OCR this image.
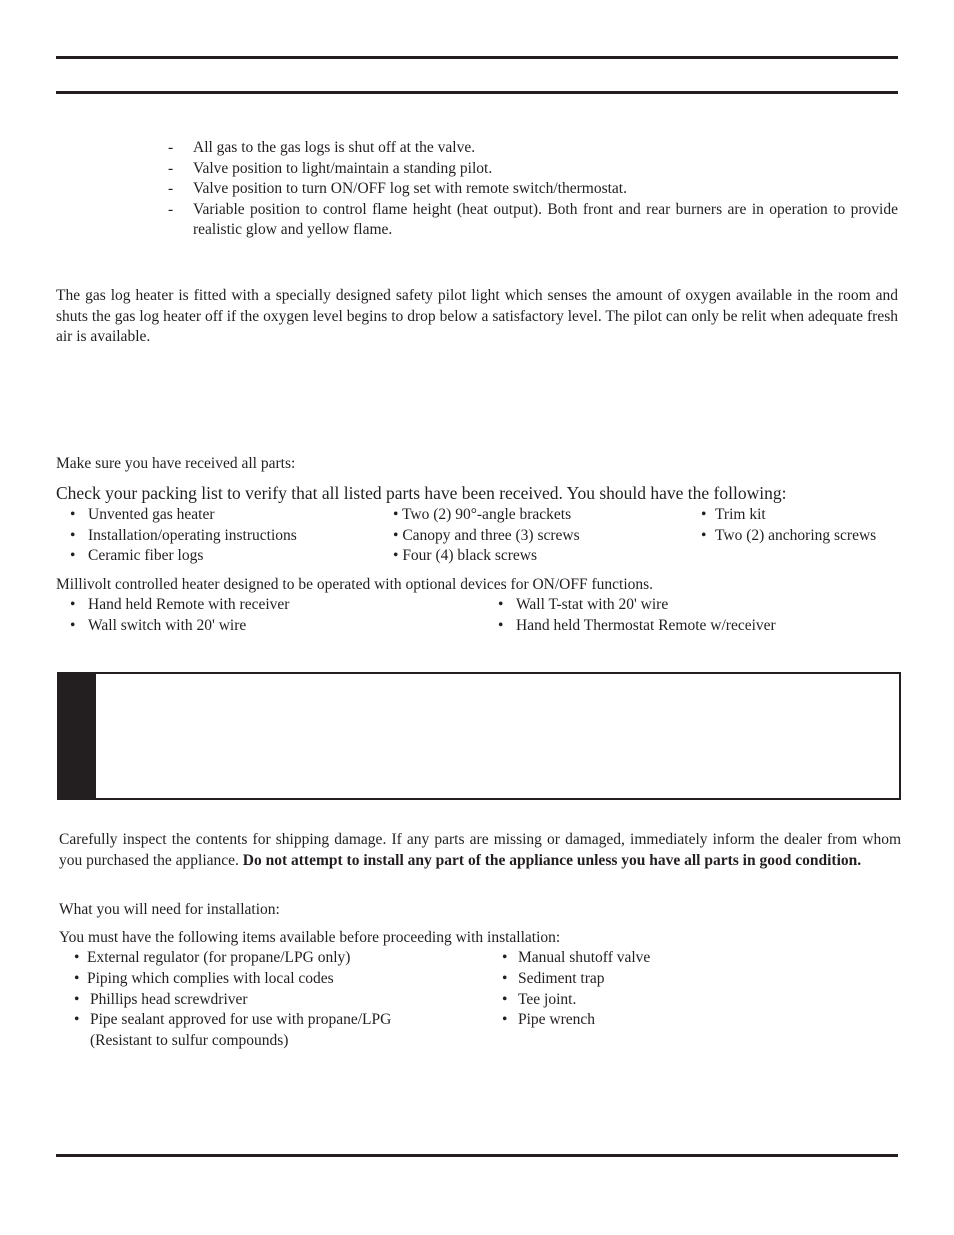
- All gas to the gas logs is shut off at the valve.
- Valve position to light/maintain a standing pilot.
- Valve position to turn ON/OFF log set with remote switch/thermostat.
- Variable position to control flame height (heat output). Both front and rear burners are in operation to provide realistic glow and yellow flame.
The gas log heater is fitted with a specially designed safety pilot light which senses the amount of oxygen available in the room and shuts the gas log heater off if the oxygen level begins to drop below a satisfactory level. The pilot can only be relit when adequate fresh air is available.
Make sure you have received all parts:
Check your packing list to verify that all listed parts have been received. You should have the following:
• Unvented gas heater
• Installation/operating instructions
• Ceramic fiber logs
• Two (2) 90°-angle brackets
• Canopy and three (3) screws
• Four (4) black screws
• Trim kit
• Two (2) anchoring screws
Millivolt controlled heater designed to be operated with optional devices for ON/OFF functions.
• Hand held Remote with receiver
• Wall switch with 20' wire
• Wall T-stat with 20' wire
• Hand held Thermostat Remote w/receiver
Carefully inspect the contents for shipping damage. If any parts are missing or damaged, immediately inform the dealer from whom you purchased the appliance. Do not attempt to install any part of the appliance unless you have all parts in good condition.
What you will need for installation:
You must have the following items available before proceeding with installation:
• External regulator (for propane/LPG only)
• Piping which complies with local codes
• Phillips head screwdriver
• Pipe sealant approved for use with propane/LPG
(Resistant to sulfur compounds)
• Manual shutoff valve
• Sediment trap
• Tee joint.
• Pipe wrench
